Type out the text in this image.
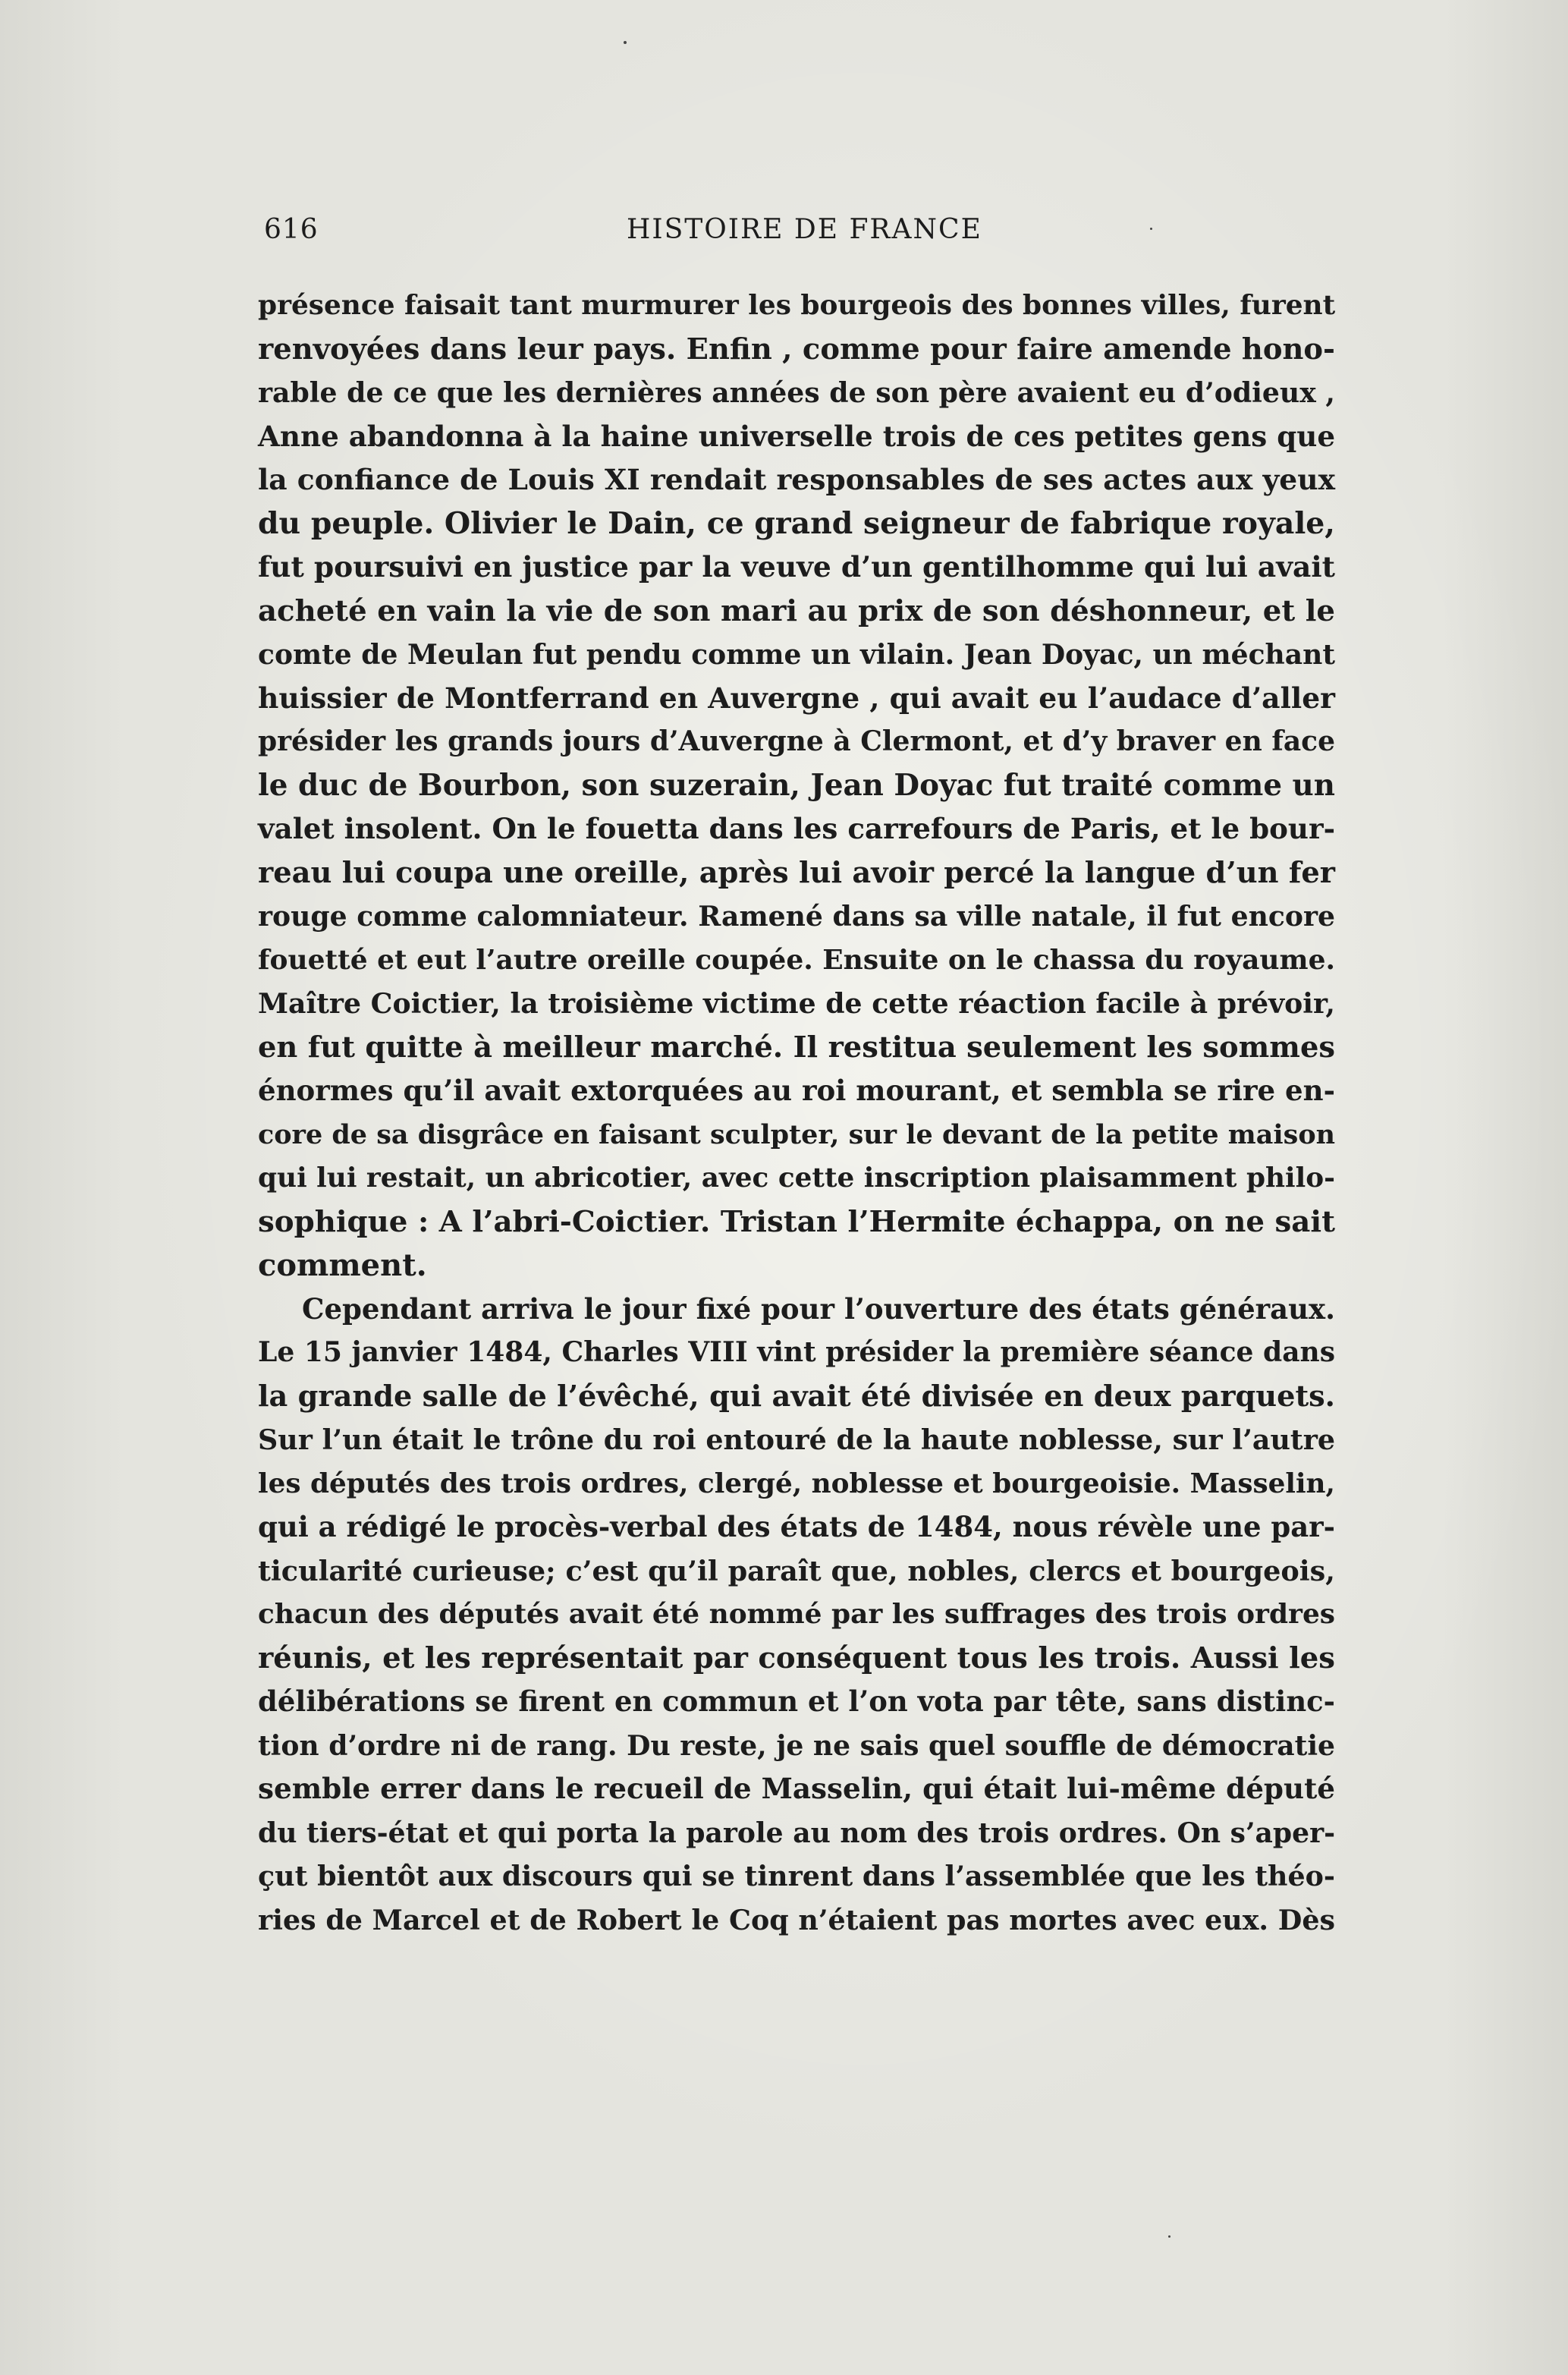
616	HISTOIRE DE FRANCE
présence faisait tant murmurer les bourgeois des bonnes villes, furent
renvoyées dans leur pays. Enfin , comme pour faire amende hono-
rable de ce que les dernières années de son père avaient eu d’odieux ,
Anne abandonna à la haine universelle trois de ces petites gens que
la confiance de Louis XI rendait responsables de ses actes aux yeux
du peuple. Olivier le Dain, ce grand seigneur de fabrique royale,
fut poursuivi en justice par la veuve d’un gentilhomme qui lui avait
acheté en vain la vie de son mari au prix de son déshonneur, et le
comte de Meulan fut pendu comme un vilain. Jean Doyac, un méchant
huissier de Montferrand en Auvergne , qui avait eu l’audace d’aller
présider les grands jours d’Auvergne à Clermont, et d’y braver en face
le duc de Bourbon, son suzerain, Jean Doyac fut traité comme un
valet insolent. On le fouetta dans les carrefours de Paris, et le bour-
reau lui coupa une oreille, après lui avoir percé la langue d’un fer
rouge comme calomniateur. Ramené dans sa ville natale, il fut encore
fouetté et eut l’autre oreille coupée. Ensuite on le chassa du royaume.
Maître Coictier, la troisième victime de cette réaction facile à prévoir,
en fut quitte à meilleur marché. Il restitua seulement les sommes
énormes qu’il avait extorquées au roi mourant, et sembla se rire en-
core de sa disgrâce en faisant sculpter, sur le devant de la petite maison
qui lui restait, un abricotier, avec cette inscription plaisamment philo-
sophique : A l’abri-Coictier. Tristan l’Hermite échappa, on ne sait
comment.
Cependant arriva le jour fixé pour l’ouverture des états généraux.
Le 15 janvier 1484, Charles VIII vint présider la première séance dans
la grande salle de l’évêché, qui avait été divisée en deux parquets.
Sur l’un était le trône du roi entouré de la haute noblesse, sur l’autre
les députés des trois ordres, clergé, noblesse et bourgeoisie. Masselin,
qui a rédigé le procès-verbal des états de 1484, nous révèle une par-
ticularité curieuse; c’est qu’il paraît que, nobles, clercs et bourgeois,
chacun des députés avait été nommé par les suffrages des trois ordres
réunis, et les représentait par conséquent tous les trois. Aussi les
délibérations se firent en commun et l’on vota par tête, sans distinc-
tion d’ordre ni de rang. Du reste, je ne sais quel souffle de démocratie
semble errer dans le recueil de Masselin, qui était lui-même député
du tiers-état et qui porta la parole au nom des trois ordres. On s’aper-
çut bientôt aux discours qui se tinrent dans l’assemblée que les théo-
ries de Marcel et de Robert le Coq n’étaient pas mortes avec eux. Dès
